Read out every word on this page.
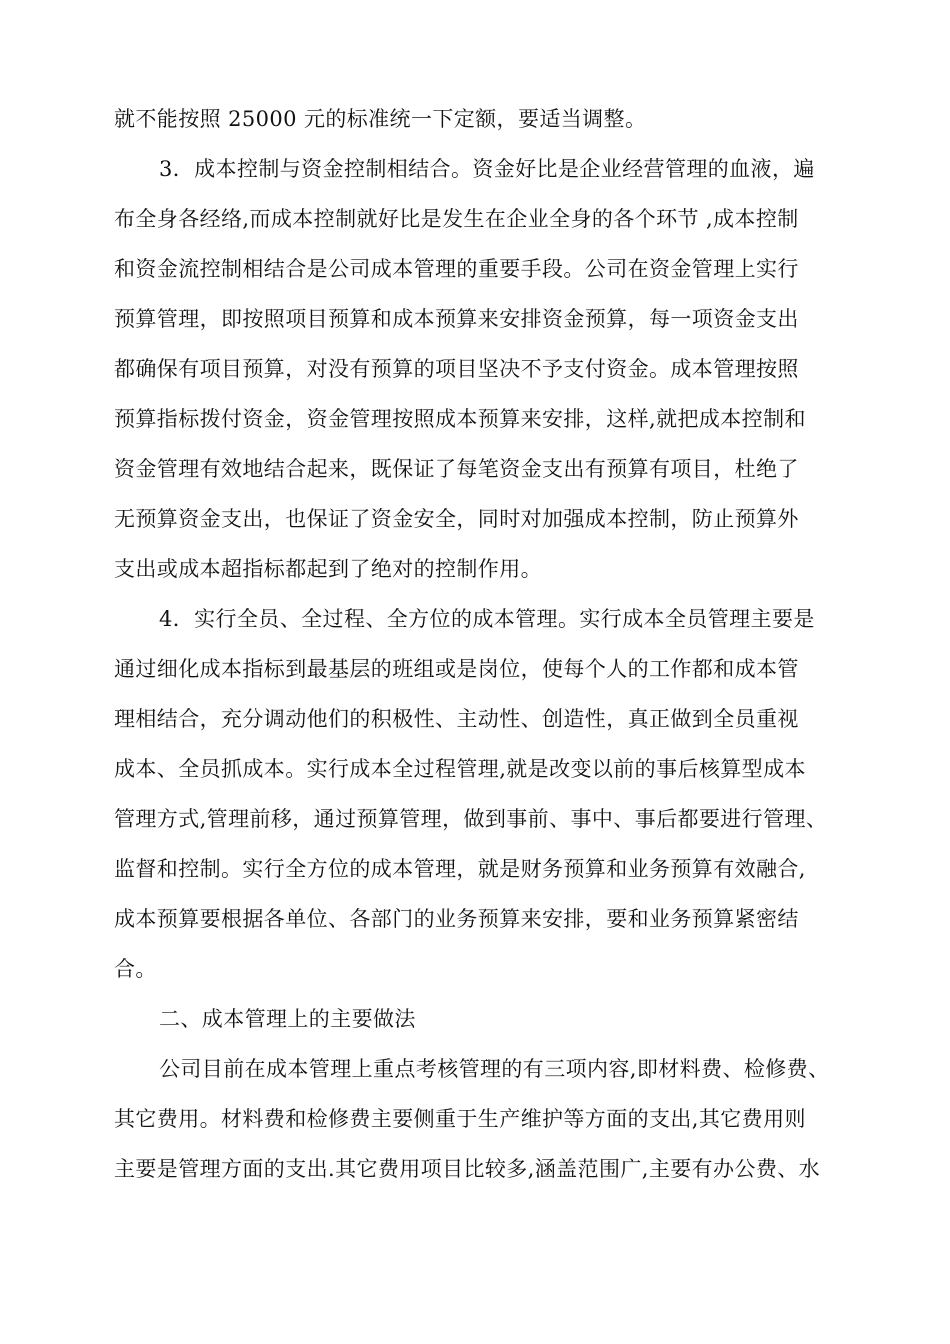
就不能按照 25000 元的标准统一下定额，要适当调整。
3．成本控制与资金控制相结合。资金好比是企业经营管理的血液，遍
布全身各经络,而成本控制就好比是发生在企业全身的各个环节 ,成本控制
和资金流控制相结合是公司成本管理的重要手段。公司在资金管理上实行
预算管理，即按照项目预算和成本预算来安排资金预算，每一项资金支出
都确保有项目预算，对没有预算的项目坚决不予支付资金。成本管理按照
预算指标拨付资金，资金管理按照成本预算来安排，这样,就把成本控制和
资金管理有效地结合起来，既保证了每笔资金支出有预算有项目，杜绝了
无预算资金支出，也保证了资金安全，同时对加强成本控制，防止预算外
支出或成本超指标都起到了绝对的控制作用。
4．实行全员、全过程、全方位的成本管理。实行成本全员管理主要是
通过细化成本指标到最基层的班组或是岗位，使每个人的工作都和成本管
理相结合，充分调动他们的积极性、主动性、创造性，真正做到全员重视
成本、全员抓成本。实行成本全过程管理,就是改变以前的事后核算型成本
管理方式,管理前移，通过预算管理，做到事前、事中、事后都要进行管理、
监督和控制。实行全方位的成本管理，就是财务预算和业务预算有效融合,
成本预算要根据各单位、各部门的业务预算来安排，要和业务预算紧密结
合。
二、成本管理上的主要做法
公司目前在成本管理上重点考核管理的有三项内容,即材料费、检修费、
其它费用。材料费和检修费主要侧重于生产维护等方面的支出,其它费用则
主要是管理方面的支出.其它费用项目比较多,涵盖范围广,主要有办公费、水
